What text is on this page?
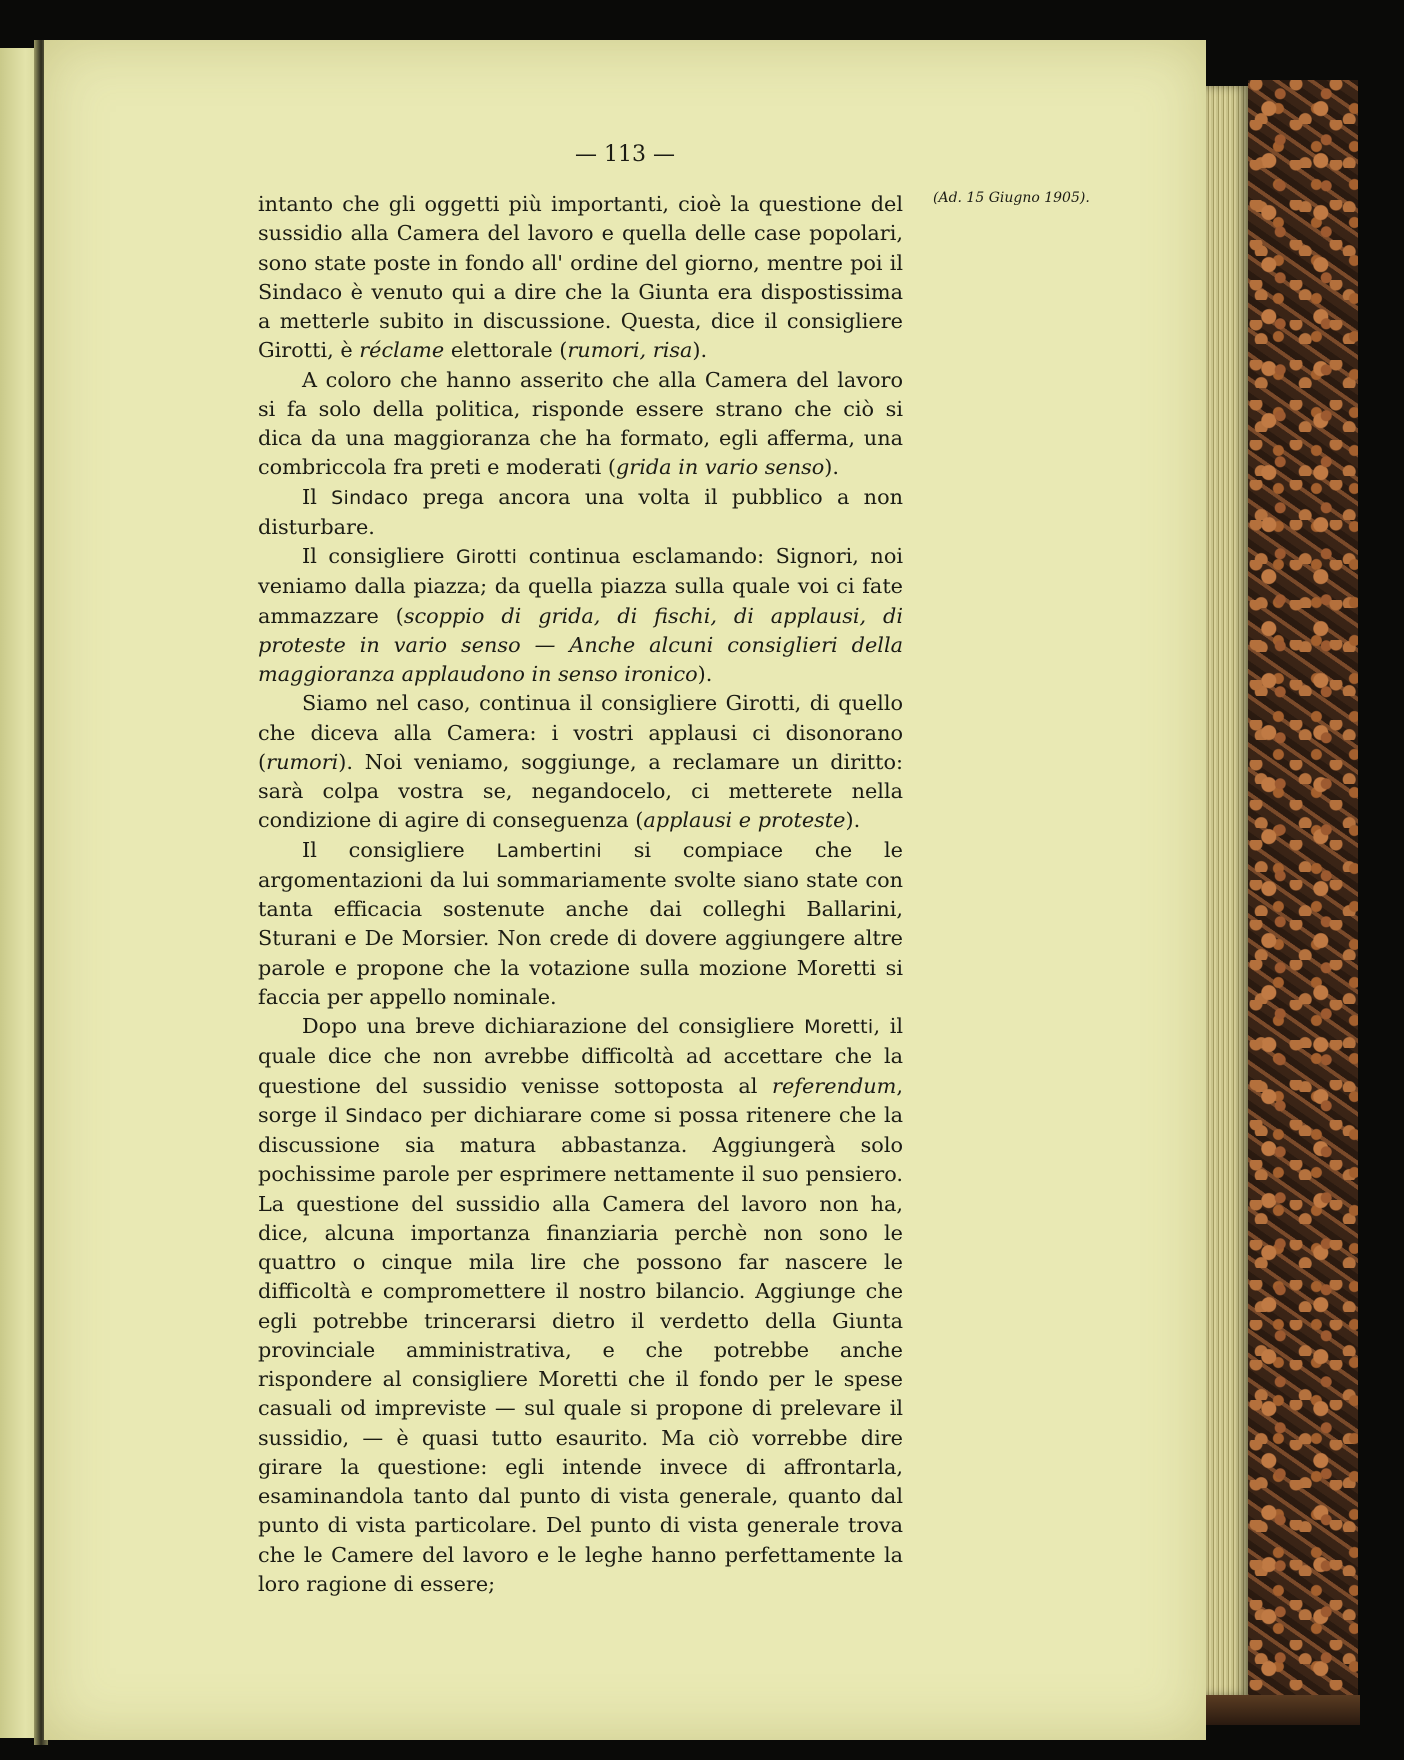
— 113 —
(Ad. 15 Giugno 1905).

intanto che gli oggetti più importanti, cioè la questione del sussidio alla Camera del lavoro e quella delle case popolari, sono state poste in fondo all' ordine del giorno, mentre poi il Sindaco è venuto qui a dire che la Giunta era dispostissima a metterle subito in discussione. Questa, dice il consigliere Girotti, è réclame elettorale (rumori, risa).

A coloro che hanno asserito che alla Camera del lavoro si fa solo della politica, risponde essere strano che ciò si dica da una maggioranza che ha formato, egli afferma, una combriccola fra preti e moderati (grida in vario senso).

Il Sindaco prega ancora una volta il pubblico a non disturbare.

Il consigliere Girotti continua esclamando: Signori, noi veniamo dalla piazza; da quella piazza sulla quale voi ci fate ammazzare (scoppio di grida, di fischi, di applausi, di proteste in vario senso — Anche alcuni consiglieri della maggioranza applaudono in senso ironico).

Siamo nel caso, continua il consigliere Girotti, di quello che diceva alla Camera: i vostri applausi ci disonorano (rumori). Noi veniamo, soggiunge, a reclamare un diritto: sarà colpa vostra se, negandocelo, ci metterete nella condizione di agire di conseguenza (applausi e proteste).

Il consigliere Lambertini si compiace che le argomentazioni da lui sommariamente svolte siano state con tanta efficacia sostenute anche dai colleghi Ballarini, Sturani e De Morsier. Non crede di dovere aggiungere altre parole e propone che la votazione sulla mozione Moretti si faccia per appello nominale.

Dopo una breve dichiarazione del consigliere Moretti, il quale dice che non avrebbe difficoltà ad accettare che la questione del sussidio venisse sottoposta al referendum, sorge il Sindaco per dichiarare come si possa ritenere che la discussione sia matura abbastanza. Aggiungerà solo pochissime parole per esprimere nettamente il suo pensiero. La questione del sussidio alla Camera del lavoro non ha, dice, alcuna importanza finanziaria perchè non sono le quattro o cinque mila lire che possono far nascere le difficoltà e compromettere il nostro bilancio. Aggiunge che egli potrebbe trincerarsi dietro il verdetto della Giunta provinciale amministrativa, e che potrebbe anche rispondere al consigliere Moretti che il fondo per le spese casuali od impreviste — sul quale si propone di prelevare il sussidio, — è quasi tutto esaurito. Ma ciò vorrebbe dire girare la questione: egli intende invece di affrontarla, esaminandola tanto dal punto di vista generale, quanto dal punto di vista particolare. Del punto di vista generale trova che le Camere del lavoro e le leghe hanno perfettamente la loro ragione di essere;
